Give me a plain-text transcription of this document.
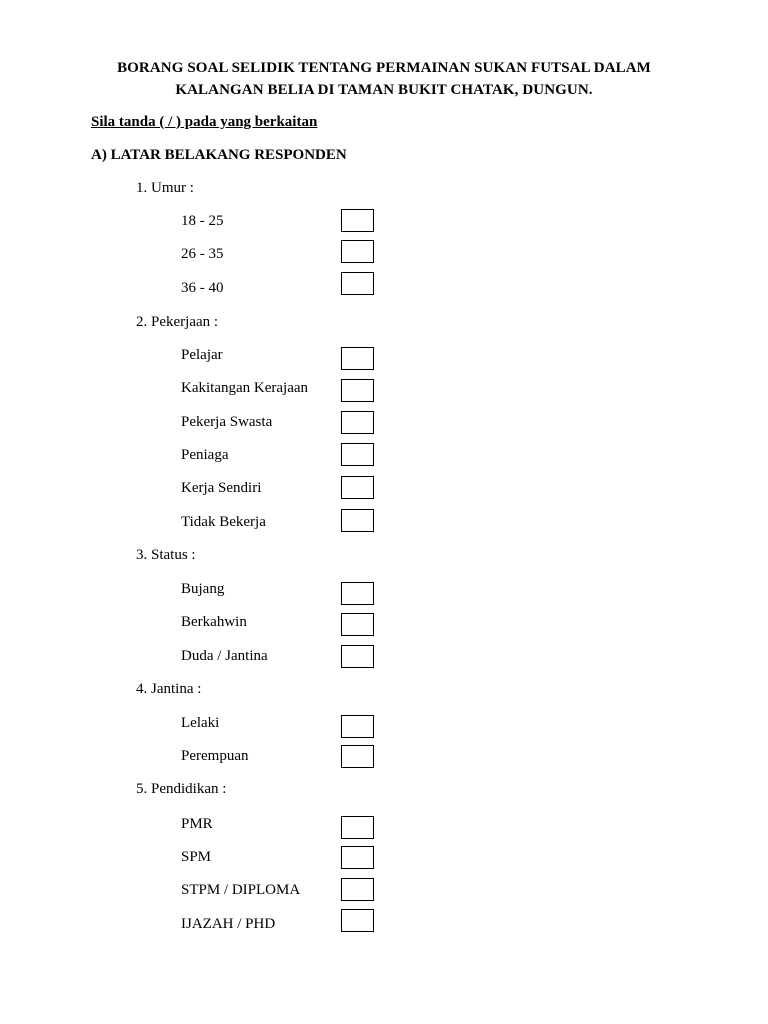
BORANG SOAL SELIDIK TENTANG PERMAINAN SUKAN FUTSAL DALAM
KALANGAN BELIA DI TAMAN BUKIT CHATAK, DUNGUN.
Sila tanda ( / ) pada yang berkaitan
A) LATAR BELAKANG RESPONDEN
1. Umur :
18 - 25
26 - 35
36 - 40
2. Pekerjaan :
Pelajar
Kakitangan Kerajaan
Pekerja Swasta
Peniaga
Kerja Sendiri
Tidak Bekerja
3. Status :
Bujang
Berkahwin
Duda / Jantina
4. Jantina :
Lelaki
Perempuan
5. Pendidikan :
PMR
SPM
STPM / DIPLOMA
IJAZAH / PHD
